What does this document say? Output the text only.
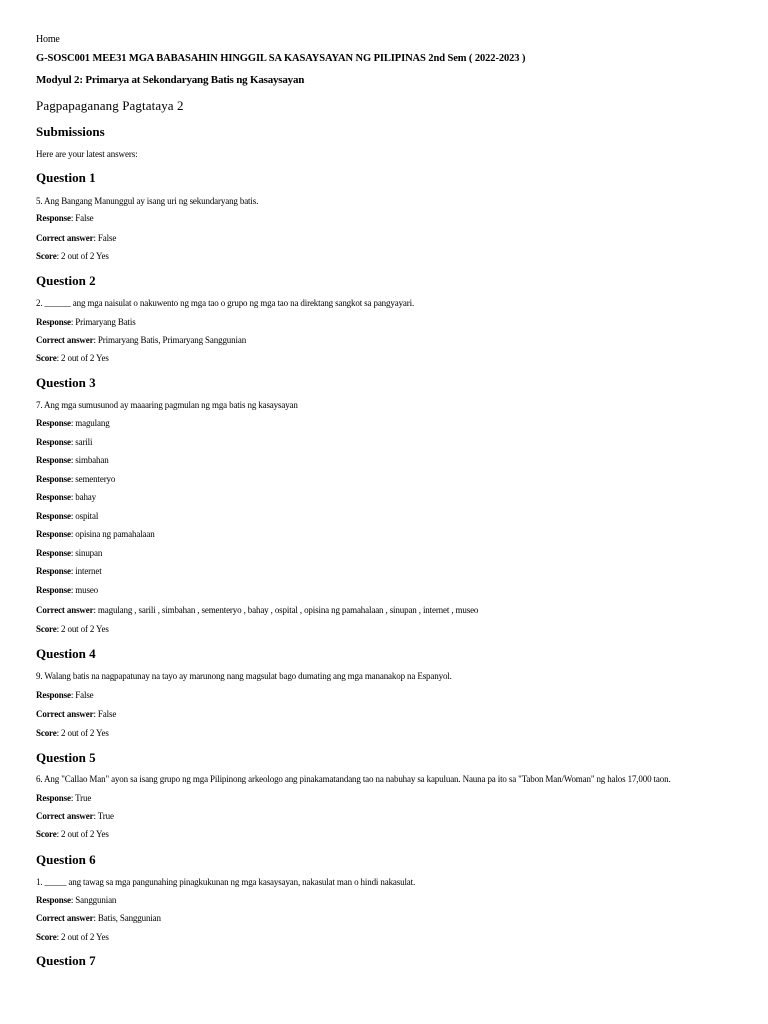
Home
G-SOSC001 MEE31 MGA BABASAHIN HINGGIL SA KASAYSAYAN NG PILIPINAS 2nd Sem ( 2022-2023 )
Modyul 2: Primarya at Sekondaryang Batis ng Kasaysayan
Pagpapaganang Pagtataya 2
Submissions
Here are your latest answers:
Question 1
5. Ang Bangang Manunggul ay isang uri ng sekundaryang batis.
Response: False
Correct answer: False
Score: 2 out of 2 Yes
Question 2
2. ______ ang mga naisulat o nakuwento ng mga tao o grupo ng mga tao na direktang sangkot sa pangyayari.
Response: Primaryang Batis
Correct answer: Primaryang Batis, Primaryang Sanggunian
Score: 2 out of 2 Yes
Question 3
7. Ang mga sumusunod ay maaaring pagmulan ng mga batis ng kasaysayan
Response: magulang
Response: sarili
Response: simbahan
Response: sementeryo
Response: bahay
Response: ospital
Response: opisina ng pamahalaan
Response: sinupan
Response: internet
Response: museo
Correct answer: magulang , sarili , simbahan , sementeryo , bahay , ospital , opisina ng pamahalaan , sinupan , internet , museo
Score: 2 out of 2 Yes
Question 4
9. Walang batis na nagpapatunay na tayo ay marunong nang magsulat bago dumating ang mga mananakop na Espanyol.
Response: False
Correct answer: False
Score: 2 out of 2 Yes
Question 5
6. Ang "Callao Man" ayon sa isang grupo ng mga Pilipinong arkeologo ang pinakamatandang tao na nabuhay sa kapuluan. Nauna pa ito sa "Tabon Man/Woman" ng halos 17,000 taon.
Response: True
Correct answer: True
Score: 2 out of 2 Yes
Question 6
1. _____ ang tawag sa mga pangunahing pinagkukunan ng mga kasaysayan, nakasulat man o hindi nakasulat.
Response: Sanggunian
Correct answer: Batis, Sanggunian
Score: 2 out of 2 Yes
Question 7
